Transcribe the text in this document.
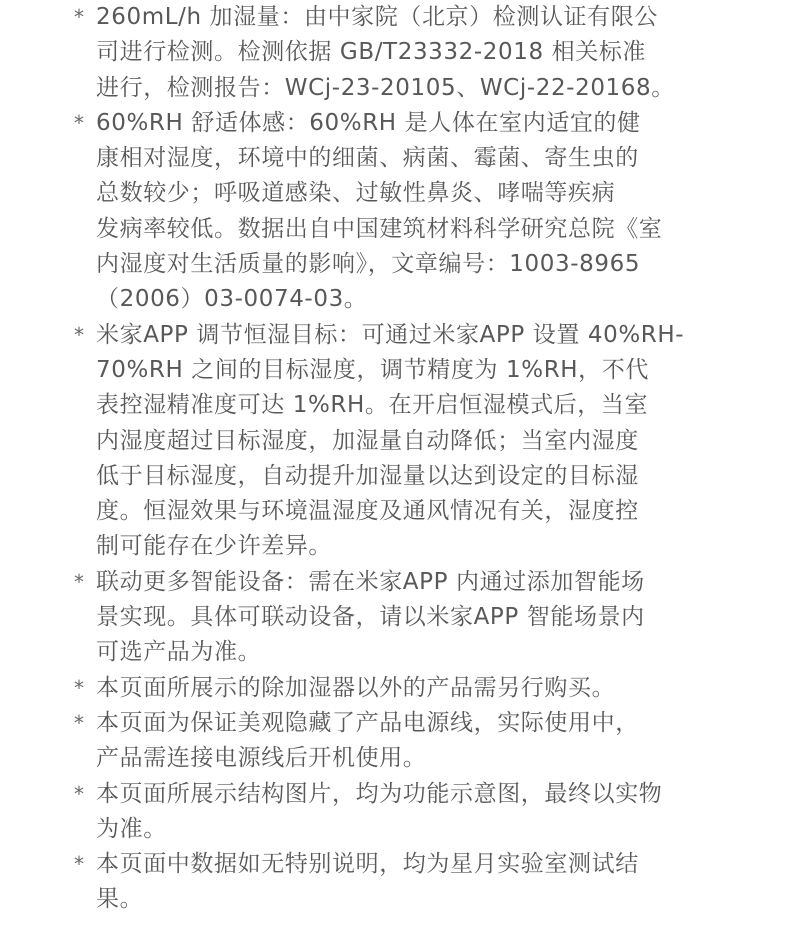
* 260mL/h 加湿量：由中家院（北京）检测认证有限公
司进行检测。检测依据 GB/T23332-2018 相关标准
进行，检测报告：WCj-23-20105、WCj-22-20168。
* 60%RH 舒适体感：60%RH 是人体在室内适宜的健
康相对湿度，环境中的细菌、病菌、霉菌、寄生虫的
总数较少；呼吸道感染、过敏性鼻炎、哮喘等疾病
发病率较低。数据出自中国建筑材料科学研究总院《室
内湿度对生活质量的影响》，文章编号：1003-8965
（2006）03-0074-03。
* 米家APP 调节恒湿目标：可通过米家APP 设置 40%RH-
70%RH 之间的目标湿度，调节精度为 1%RH，不代
表控湿精准度可达 1%RH。在开启恒湿模式后，当室
内湿度超过目标湿度，加湿量自动降低；当室内湿度
低于目标湿度，自动提升加湿量以达到设定的目标湿
度。恒湿效果与环境温湿度及通风情况有关，湿度控
制可能存在少许差异。
* 联动更多智能设备：需在米家APP 内通过添加智能场
景实现。具体可联动设备，请以米家APP 智能场景内
可选产品为准。
* 本页面所展示的除加湿器以外的产品需另行购买。
* 本页面为保证美观隐藏了产品电源线，实际使用中，
产品需连接电源线后开机使用。
* 本页面所展示结构图片，均为功能示意图，最终以实物
为准。
* 本页面中数据如无特别说明，均为星月实验室测试结
果。
